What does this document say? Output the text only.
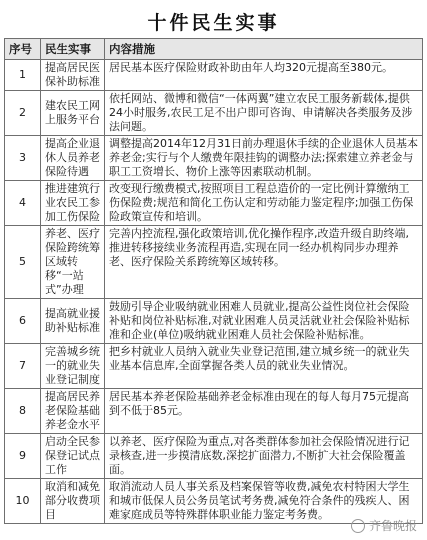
十件民生实事
序号	民生实事	内容措施
1	提高居民医保补助标准	居民基本医疗保险财政补助由年人均320元提高至380元。
2	建农民工网上服务平台	依托网站、微博和微信“一体两翼”建立农民工服务新载体,提供24小时服务,农民工足不出户即可咨询、申请解决各类服务及涉法问题。
3	提高企业退休人员养老保险待遇	调整提高2014年12月31日前办理退休手续的企业退休人员基本养老金;实行与个人缴费年限挂钩的调整办法;探索建立养老金与职工工资增长、物价上涨等因素联动机制。
4	推进建筑行业农民工参加工伤保险	改变现行缴费模式,按照项目工程总造价的一定比例计算缴纳工伤保险费;规范和简化工伤认定和劳动能力鉴定程序;加强工伤保险政策宣传和培训。
5	养老、医疗保险跨统筹区域转移“一站式”办理	完善内控流程,强化政策培训,优化操作程序,改造升级自助终端,推进转移接续业务流程再造,实现在同一经办机构同步办理养老、医疗保险关系跨统筹区域转移。
6	提高就业援助补贴标准	鼓励引导企业吸纳就业困难人员就业,提高公益性岗位社会保险补贴和岗位补贴标准,对就业困难人员灵活就业社会保险补贴标准和企业(单位)吸纳就业困难人员社会保险补贴标准。
7	完善城乡统一的就业失业登记制度	把乡村就业人员纳入就业失业登记范围,建立城乡统一的就业失业基本信息库,全面掌握各类人员的就业失业情况。
8	提高居民养老保险基础养老金水平	居民基本养老保险基础养老金标准由现在的每人每月75元提高到不低于85元。
9	启动全民参保登记试点工作	以养老、医疗保险为重点,对各类群体参加社会保险情况进行记录核查,进一步摸清底数,深挖扩面潜力,不断扩大社会保险覆盖面。
10	取消和减免部分收费项目	取消流动人员人事关系及档案保管等收费,减免农村特困大学生和城市低保人员公务员笔试考务费,减免符合条件的残疾人、困难家庭成员等特殊群体职业能力鉴定考务费。
齐鲁晚报
